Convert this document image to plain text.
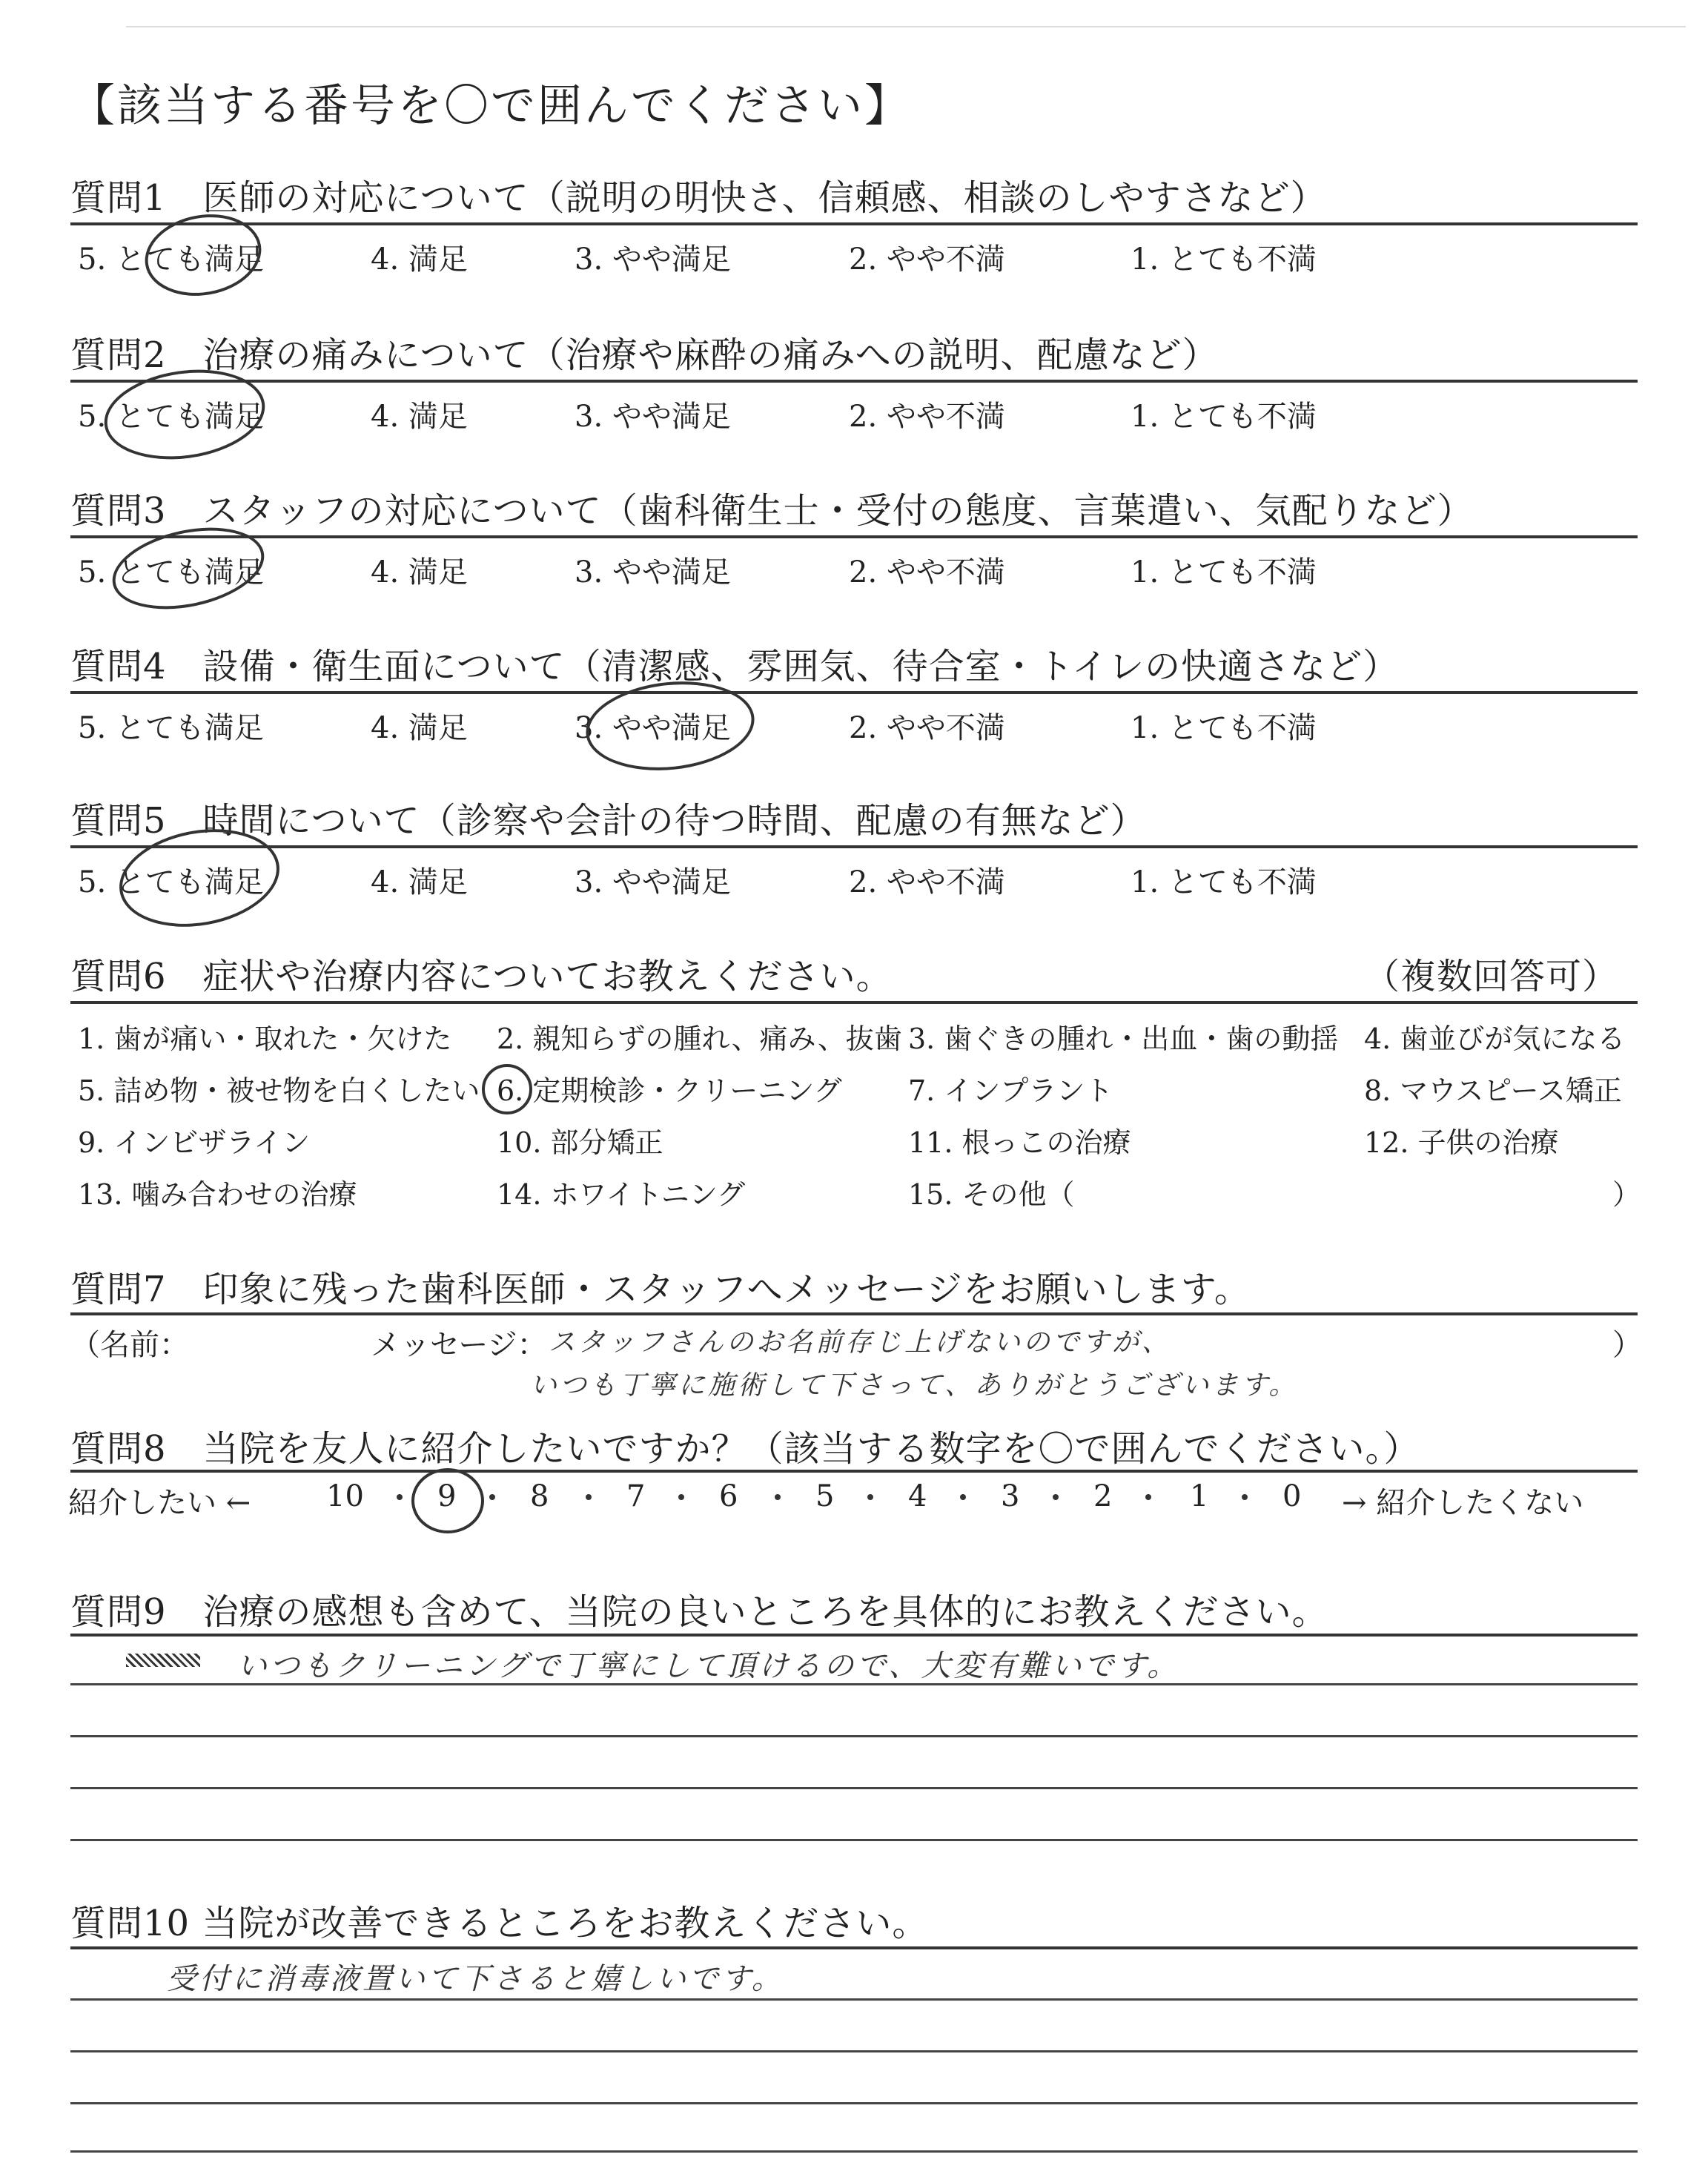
【該当する番号を〇で囲んでください】
質問1　医師の対応について（説明の明快さ、信頼感、相談のしやすさなど）
5. とても満足	4. 満足	3. やや満足	2. やや不満	1. とても不満
質問2　治療の痛みについて（治療や麻酔の痛みへの説明、配慮など）
5. とても満足	4. 満足	3. やや満足	2. やや不満	1. とても不満
質問3　スタッフの対応について（歯科衛生士・受付の態度、言葉遣い、気配りなど）
5. とても満足	4. 満足	3. やや満足	2. やや不満	1. とても不満
質問4　設備・衛生面について（清潔感、雰囲気、待合室・トイレの快適さなど）
5. とても満足	4. 満足	3. やや満足	2. やや不満	1. とても不満
質問5　時間について（診察や会計の待つ時間、配慮の有無など）
5. とても満足	4. 満足	3. やや満足	2. やや不満	1. とても不満
質問6　症状や治療内容についてお教えください。	（複数回答可）
1. 歯が痛い・取れた・欠けた 2. 親知らずの腫れ、痛み、抜歯 3. 歯ぐきの腫れ・出血・歯の動揺 4. 歯並びが気になる
5. 詰め物・被せ物を白くしたい 6. 定期検診・クリーニング 7. インプラント	8. マウスピース矯正
9. インビザライン	10. 部分矯正	11. 根っこの治療	12. 子供の治療
13. 噛み合わせの治療	14. ホワイトニング	15. その他（	）
質問7　印象に残った歯科医師・スタッフへメッセージをお願いします。
（名前：	メッセージ：	）
スタッフさんのお名前存じ上げないのですが、
いつも丁寧に施術して下さって、ありがとうございます。
質問8　当院を友人に紹介したいですか？（該当する数字を〇で囲んでください。）
紹介したい ←	→ 紹介したくない
10 9 8	7 6	5 4 3 2	1 0
質問9　治療の感想も含めて、当院の良いところを具体的にお教えください。
いつもクリーニングで丁寧にして頂けるので、大変有難いです。
質問10 当院が改善できるところをお教えください。
受付に消毒液置いて下さると嬉しいです。
